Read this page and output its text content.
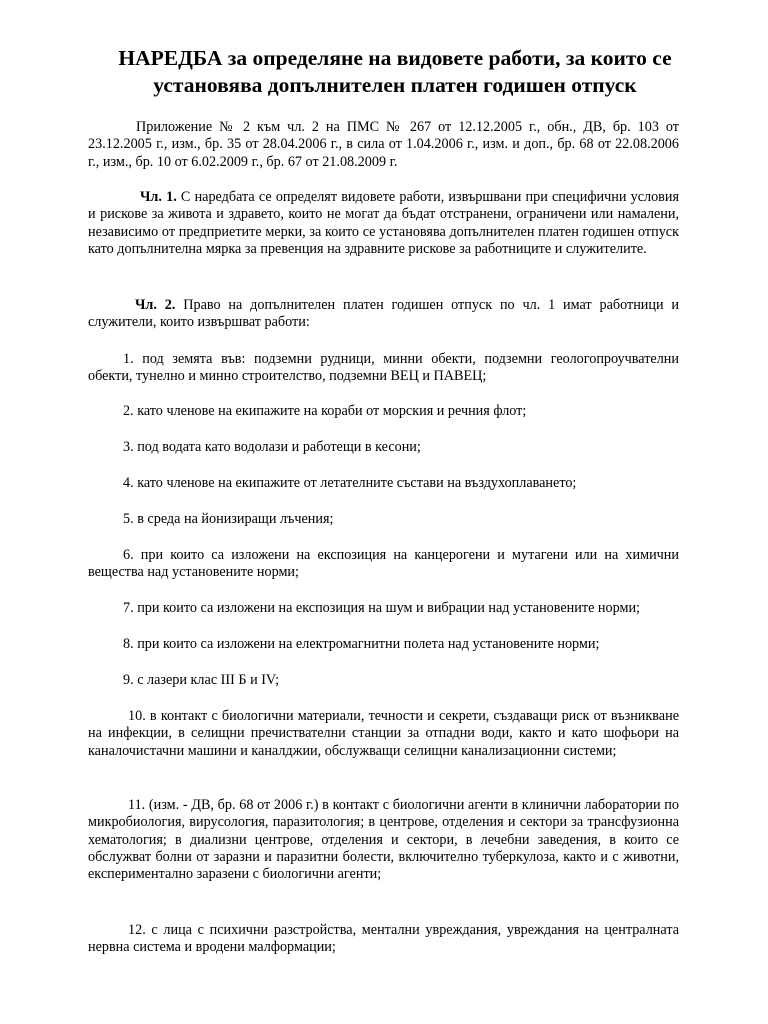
НАРЕДБА за определяне на видовете работи, за които се установява допълнителен платен годишен отпуск

Приложение № 2 към чл. 2 на ПМС № 267 от 12.12.2005 г., обн., ДВ, бр. 103 от 23.12.2005 г., изм., бр. 35 от 28.04.2006 г., в сила от 1.04.2006 г., изм. и доп., бр. 68 от 22.08.2006 г., изм., бр. 10 от 6.02.2009 г., бр. 67 от 21.08.2009 г.

Чл. 1. С наредбата се определят видовете работи, извършвани при специфични условия и рискове за живота и здравето, които не могат да бъдат отстранени, ограничени или намалени, независимо от предприетите мерки, за които се установява допълнителен платен годишен отпуск като допълнителна мярка за превенция на здравните рискове за работниците и служителите.

Чл. 2. Право на допълнителен платен годишен отпуск по чл. 1 имат работници и служители, които извършват работи:

1. под земята във: подземни рудници, минни обекти, подземни геологопроучвателни обекти, тунелно и минно строителство, подземни ВЕЦ и ПАВЕЦ;

2. като членове на екипажите на кораби от морския и речния флот;

3. под водата като водолази и работещи в кесони;

4. като членове на екипажите от летателните състави на въздухоплаването;

5. в среда на йонизиращи лъчения;

6. при които са изложени на експозиция на канцерогени и мутагени или на химични вещества над установените норми;

7. при които са изложени на експозиция на шум и вибрации над установените норми;

8. при които са изложени на електромагнитни полета над установените норми;

9. с лазери клас III Б и IV;

10. в контакт с биологични материали, течности и секрети, създаващи риск от възникване на инфекции, в селищни пречиствателни станции за отпадни води, както и като шофьори на каналочистачни машини и каналджии, обслужващи селищни канализационни системи;

11. (изм. - ДВ, бр. 68 от 2006 г.) в контакт с биологични агенти в клинични лаборатории по микробиология, вирусология, паразитология; в центрове, отделения и сектори за трансфузионна хематология; в диализни центрове, отделения и сектори, в лечебни заведения, в които се обслужват болни от заразни и паразитни болести, включително туберкулоза, както и с животни, експериментално заразени с биологични агенти;

12. с лица с психични разстройства, ментални увреждания, увреждания на централната нервна система и вродени малформации;
